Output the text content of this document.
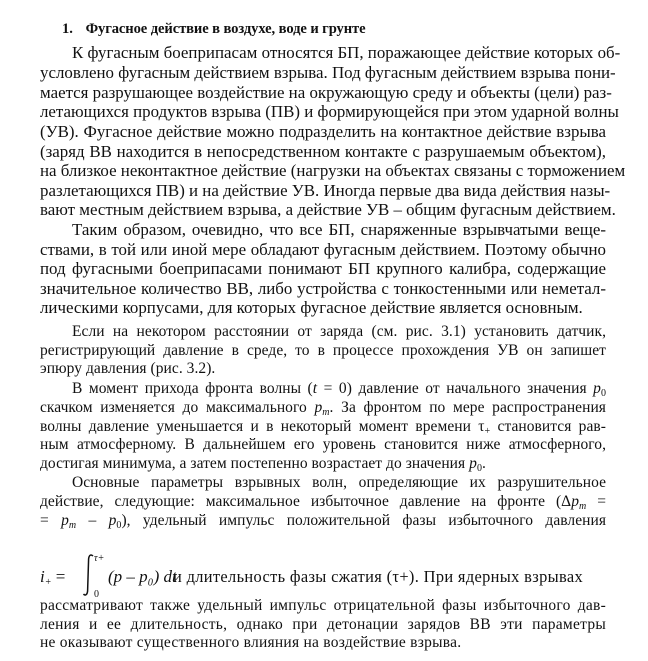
1. Фугасное действие в воздухе, воде и грунте
К фугасным боеприпасам относятся БП, поражающее действие которых об-
условлено фугасным действием взрыва. Под фугасным действием взрыва пони-
мается разрушающее воздействие на окружающую среду и объекты (цели) раз-
летающихся продуктов взрыва (ПВ) и формирующейся при этом ударной волны
(УВ). Фугасное действие можно подразделить на контактное действие взрыва
(заряд ВВ находится в непосредственном контакте с разрушаемым объектом),
на близкое неконтактное действие (нагрузки на объектах связаны с торможением
разлетающихся ПВ) и на действие УВ. Иногда первые два вида действия назы-
вают местным действием взрыва, а действие УВ – общим фугасным действием.
Таким образом, очевидно, что все БП, снаряженные взрывчатыми веще-
ствами, в той или иной мере обладают фугасным действием. Поэтому обычно
под фугасными боеприпасами понимают БП крупного калибра, содержащие
значительное количество ВВ, либо устройства с тонкостенными или неметал-
лическими корпусами, для которых фугасное действие является основным.
Если на некотором расстоянии от заряда (см. рис. 3.1) установить датчик,
регистрирующий давление в среде, то в процессе прохождения УВ он запишет
эпюру давления (рис. 3.2).
В момент прихода фронта волны (t = 0) давление от начального значения $p_0$
скачком изменяется до максимального $p_m$. За фронтом по мере распространения
волны давление уменьшается и в некоторый момент времени $\tau_+$ становится рав-
ным атмосферному. В дальнейшем его уровень становится ниже атмосферного,
достигая минимума, а затем постепенно возрастает до значения $p_0$.
Основные параметры взрывных волн, определяющие их разрушительное
действие, следующие: максимальное избыточное давление на фронте ($\Delta p_m$ =
= $p_m - p_0$), удельный импульс положительной фазы избыточного давления
$i_+$ =
τ+
0
(p – p₀) dt
и длительность фазы сжатия (τ+). При ядерных взрывах
рассматривают также удельный импульс отрицательной фазы избыточного дав-
ления и ее длительность, однако при детонации зарядов ВВ эти параметры
не оказывают существенного влияния на воздействие взрыва.
